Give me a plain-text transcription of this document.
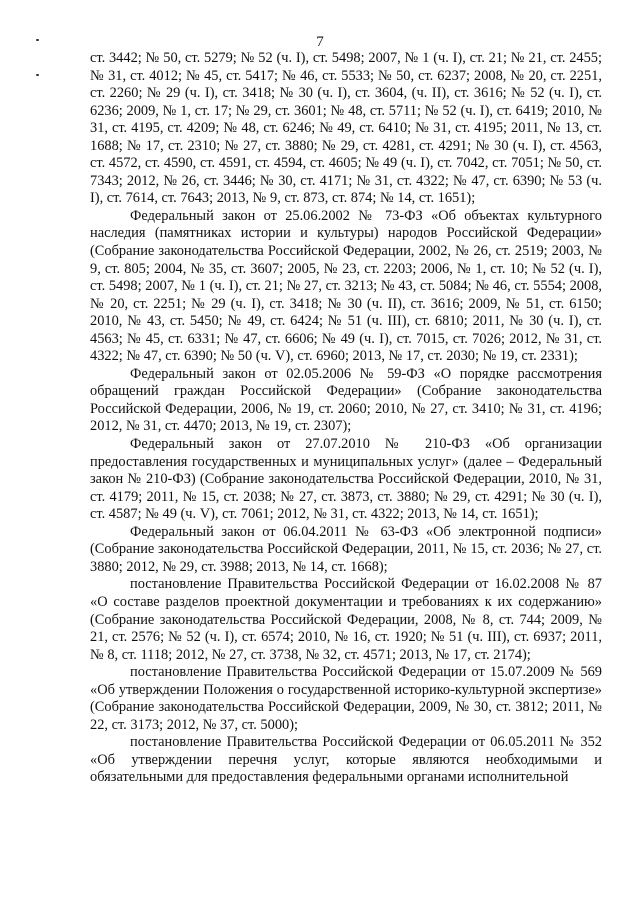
7

ст. 3442; № 50, ст. 5279; № 52 (ч. I), ст. 5498; 2007, № 1 (ч. I), ст. 21; № 21, ст. 2455; № 31, ст. 4012; № 45, ст. 5417; № 46, ст. 5533; № 50, ст. 6237; 2008, № 20, ст. 2251, ст. 2260; № 29 (ч. I), ст. 3418; № 30 (ч. I), ст. 3604, (ч. II), ст. 3616; № 52 (ч. I), ст. 6236; 2009, № 1, ст. 17; № 29, ст. 3601; № 48, ст. 5711; № 52 (ч. I), ст. 6419; 2010, № 31, ст. 4195, ст. 4209; № 48, ст. 6246; № 49, ст. 6410; № 31, ст. 4195; 2011, № 13, ст. 1688; № 17, ст. 2310; № 27, ст. 3880; № 29, ст. 4281, ст. 4291; № 30 (ч. I), ст. 4563, ст. 4572, ст. 4590, ст. 4591, ст. 4594, ст. 4605; № 49 (ч. I), ст. 7042, ст. 7051; № 50, ст. 7343; 2012, № 26, ст. 3446; № 30, ст. 4171; № 31, ст. 4322; № 47, ст. 6390; № 53 (ч. I), ст. 7614, ст. 7643; 2013, № 9, ст. 873, ст. 874; № 14, ст. 1651);

Федеральный закон от 25.06.2002 № 73-ФЗ «Об объектах культурного наследия (памятниках истории и культуры) народов Российской Федерации» (Собрание законодательства Российской Федерации, 2002, № 26, ст. 2519; 2003, № 9, ст. 805; 2004, № 35, ст. 3607; 2005, № 23, ст. 2203; 2006, № 1, ст. 10; № 52 (ч. I), ст. 5498; 2007, № 1 (ч. I), ст. 21; № 27, ст. 3213; № 43, ст. 5084; № 46, ст. 5554; 2008, № 20, ст. 2251; № 29 (ч. I), ст. 3418; № 30 (ч. II), ст. 3616; 2009, № 51, ст. 6150; 2010, № 43, ст. 5450; № 49, ст. 6424; № 51 (ч. III), ст. 6810; 2011, № 30 (ч. I), ст. 4563; № 45, ст. 6331; № 47, ст. 6606; № 49 (ч. I), ст. 7015, ст. 7026; 2012, № 31, ст. 4322; № 47, ст. 6390; № 50 (ч. V), ст. 6960; 2013, № 17, ст. 2030; № 19, ст. 2331);

Федеральный закон от 02.05.2006 № 59-ФЗ «О порядке рассмотрения обращений граждан Российской Федерации» (Собрание законодательства Российской Федерации, 2006, № 19, ст. 2060; 2010, № 27, ст. 3410; № 31, ст. 4196; 2012, № 31, ст. 4470; 2013, № 19, ст. 2307);

Федеральный закон от 27.07.2010 № 210-ФЗ «Об организации предоставления государственных и муниципальных услуг» (далее – Федеральный закон № 210-ФЗ) (Собрание законодательства Российской Федерации, 2010, № 31, ст. 4179; 2011, № 15, ст. 2038; № 27, ст. 3873, ст. 3880; № 29, ст. 4291; № 30 (ч. I), ст. 4587; № 49 (ч. V), ст. 7061; 2012, № 31, ст. 4322; 2013, № 14, ст. 1651);

Федеральный закон от 06.04.2011 № 63-ФЗ «Об электронной подписи» (Собрание законодательства Российской Федерации, 2011, № 15, ст. 2036; № 27, ст. 3880; 2012, № 29, ст. 3988; 2013, № 14, ст. 1668);

постановление Правительства Российской Федерации от 16.02.2008 № 87 «О составе разделов проектной документации и требованиях к их содержанию» (Собрание законодательства Российской Федерации, 2008, № 8, ст. 744; 2009, № 21, ст. 2576; № 52 (ч. I), ст. 6574; 2010, № 16, ст. 1920; № 51 (ч. III), ст. 6937; 2011, № 8, ст. 1118; 2012, № 27, ст. 3738, № 32, ст. 4571; 2013, № 17, ст. 2174);

постановление Правительства Российской Федерации от 15.07.2009 № 569 «Об утверждении Положения о государственной историко-культурной экспертизе» (Собрание законодательства Российской Федерации, 2009, № 30, ст. 3812; 2011, № 22, ст. 3173; 2012, № 37, ст. 5000);

постановление Правительства Российской Федерации от 06.05.2011 № 352 «Об утверждении перечня услуг, которые являются необходимыми и обязательными для предоставления федеральными органами исполнительной
